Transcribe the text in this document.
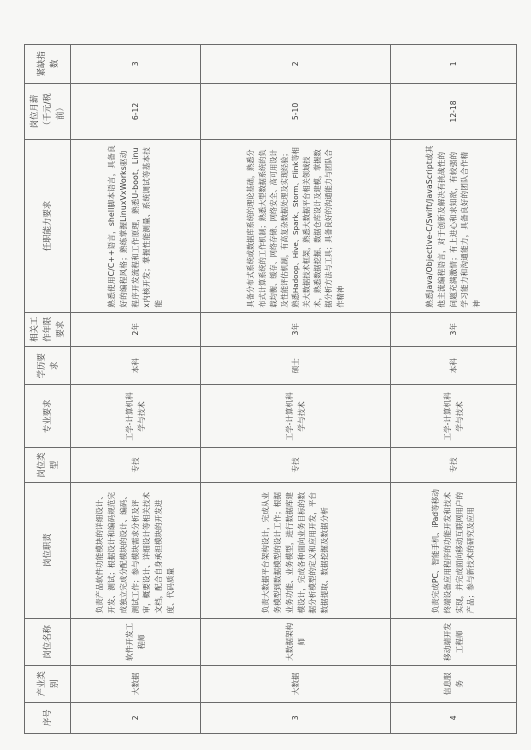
序号	产业类别	岗位名称	岗位职责	岗位类型	专业要求	学历要求	相关工作年限要求	任职能力要求	岗位月薪（千元/税前）	紧缺指数
2	大数据	软件开发工程师	负责产品软件功能模块的详细设计、开发、测试；根据设计和编码规范完成独立完成分配模块的设计、编码、测试工作；参与模块需求分析及评审，概要设计、详细设计等相关技术文档，配合自身承担模块的开发进度、代码质量	专技	工学-计算机科学与技术	本科	2年	熟悉使用C/C++语言，shell脚本语言，具备良好的编程风格；熟练掌握LinuxVxWorks驱动程序开发流程和工作原理，熟悉U-boot、Linux内核开发；掌握性能测量、系统调试等基本技能	6-12	3
3	大数据	大数据架构师	负责大数据平台架构设计，完成从业务模型到数据模型的设计工作；根据业务功能、业务模型，进行数据库建模设计，完成各种面向业务目标的数据分析模型的定义和应用开发，平台数据提取、数据挖掘及数据分析	专技	工学-计算机科学与技术	硕士	3年	具备分布式系统或数据库系统的理论基础，熟悉分布式计算系统的工作机制；熟悉大型数据系统的负载均衡、缓存、网络存储、网络安全、高可用设计及性能评估机制，有高复杂数据处理及实现经验；熟悉Hadoop、Hive、Spark、Storm、Flink等相关大数据技术框架，熟悉大数据平台相关领域技术，熟悉数据挖掘、数据仓库设计及建模，掌握数据分析方法与工具；具备良好的沟通能力与团队合作精神	5-10	2
4	信息服务	移动端开发工程师	负责完成PC、智能手机、iPad等移动终端设备应用程序的功能开发和技术实现，并完成面向移动互联网用户的产品；参与新技术的研究及应用	专技	工学-计算机科学与技术	本科	3年	熟悉Java/Objective-C/Swift/JavaScript或其他主流编程语言，对于创新及解决有挑战性的问题充满激情；有上进心和求知欲，有较强的学习能力和沟通能力，具备良好的团队合作精神	12-18	1
